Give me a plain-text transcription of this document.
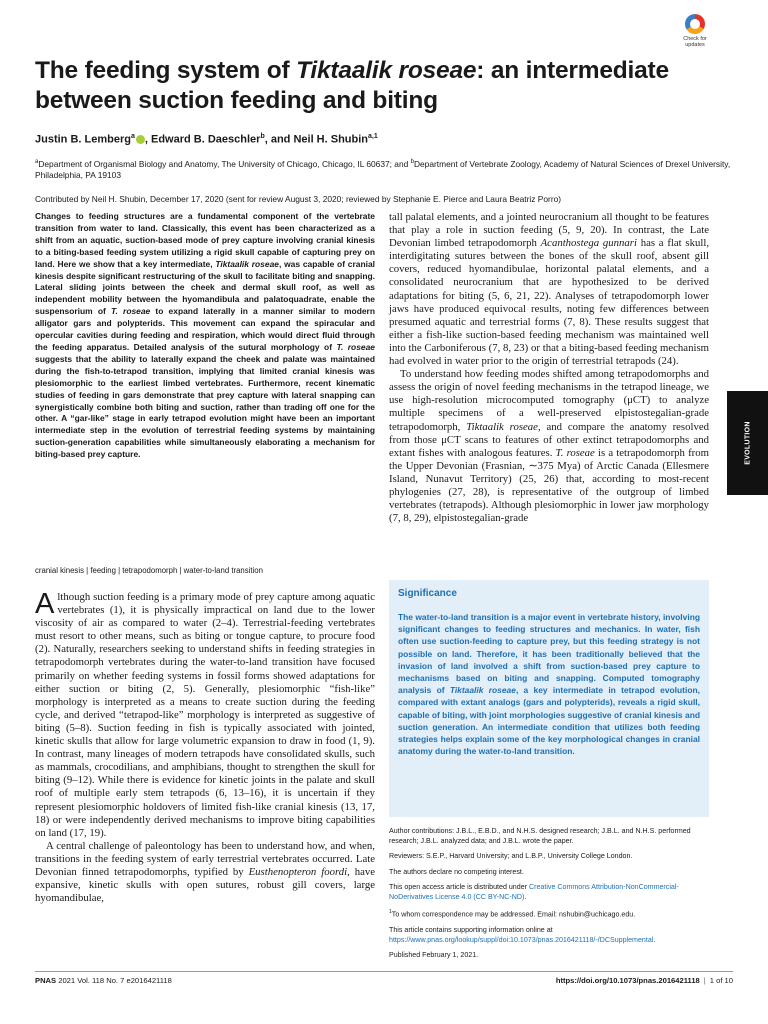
Check for
updates
The feeding system of Tiktaalik roseae: an intermediate between suction feeding and biting
Justin B. Lemberg$^a$ , Edward B. Daeschler$^b$, and Neil H. Shubin$^{a,1}$
$^a$Department of Organismal Biology and Anatomy, The University of Chicago, Chicago, IL 60637; and $^b$Department of Vertebrate Zoology, Academy of Natural Sciences of Drexel University, Philadelphia, PA 19103
Contributed by Neil H. Shubin, December 17, 2020 (sent for review August 3, 2020; reviewed by Stephanie E. Pierce and Laura Beatriz Porro)
Changes to feeding structures are a fundamental component of the vertebrate transition from water to land. Classically, this event has been characterized as a shift from an aquatic, suction-based mode of prey capture involving cranial kinesis to a biting-based feeding system utilizing a rigid skull capable of capturing prey on land. Here we show that a key intermediate, Tiktaalik roseae, was capable of cranial kinesis despite significant restructuring of the skull to facilitate biting and snapping. Lateral sliding joints between the cheek and dermal skull roof, as well as independent mobility between the hyomandibula and palatoquadrate, enable the suspensorium of T. roseae to expand laterally in a manner similar to modern alligator gars and polypterids. This movement can expand the spiracular and opercular cavities during feeding and respiration, which would direct fluid through the feeding apparatus. Detailed analysis of the sutural morphology of T. roseae suggests that the ability to laterally expand the cheek and palate was maintained during the fish-to-tetrapod transition, implying that limited cranial kinesis was plesiomorphic to the earliest limbed vertebrates. Furthermore, recent kinematic studies of feeding in gars demonstrate that prey capture with lateral snapping can synergistically combine both biting and suction, rather than trading off one for the other. A “gar-like” stage in early tetrapod evolution might have been an important intermediate step in the evolution of terrestrial feeding systems by maintaining suction-generation capabilities while simultaneously elaborating a mechanism for biting-based prey capture.
cranial kinesis | feeding | tetrapodomorph | water-to-land transition

Although suction feeding is a primary mode of prey capture among aquatic vertebrates (1), it is physically impractical on land due to the lower viscosity of air as compared to water (2–4). Terrestrial-feeding vertebrates must resort to other means, such as biting or tongue capture, to procure food (2). Naturally, researchers seeking to understand shifts in feeding strategies in tetrapodomorph vertebrates during the water-to-land transition have focused primarily on whether feeding systems in fossil forms showed adaptations for either suction or biting (2, 5). Generally, plesiomorphic “fish-like” morphology is interpreted as a means to create suction during the feeding cycle, and derived “tetrapod-like” morphology is interpreted as suggestive of biting (5–8). Suction feeding in fish is typically associated with jointed, kinetic skulls that allow for large volumetric expansion to draw in food (1, 9). In contrast, many lineages of modern tetrapods have consolidated skulls, such as mammals, crocodilians, and amphibians, thought to strengthen the skull for biting (9–12). While there is evidence for kinetic joints in the palate and skull roof of multiple early stem tetrapods (6, 13–16), it is uncertain if they represent plesiomorphic holdovers of limited fish-like cranial kinesis (13, 17, 18) or were independently derived mechanisms to improve biting capabilities on land (17, 19).

A central challenge of paleontology has been to understand how, and when, transitions in the feeding system of early terrestrial vertebrates occurred. Late Devonian finned tetrapodomorphs, typified by Eusthenopteron foordi, have expansive, kinetic skulls with open sutures, robust gill covers, large hyomandibulae,

tall palatal elements, and a jointed neurocranium all thought to be features that play a role in suction feeding (5, 9, 20). In contrast, the Late Devonian limbed tetrapodomorph Acanthostega gunnari has a flat skull, interdigitating sutures between the bones of the skull roof, absent gill covers, reduced hyomandibulae, horizontal palatal elements, and a consolidated neurocranium that are hypothesized to be derived adaptations for biting (5, 6, 21, 22). Analyses of tetrapodomorph lower jaws have produced equivocal results, noting few differences between presumed aquatic and terrestrial forms (7, 8). These results suggest that either a fish-like suction-based feeding mechanism was maintained well into the Carboniferous (7, 8, 23) or that a biting-based feeding mechanism had evolved in water prior to the origin of terrestrial tetrapods (24).

To understand how feeding modes shifted among tetrapodomorphs and assess the origin of novel feeding mechanisms in the tetrapod lineage, we use high-resolution microcomputed tomography (μCT) to analyze multiple specimens of a well-preserved elpistostegalian-grade tetrapodomorph, Tiktaalik roseae, and compare the anatomy resolved from those μCT scans to features of other extinct tetrapodomorphs and extant fishes with analogous features. T. roseae is a tetrapodomorph from the Upper Devonian (Frasnian, ∼375 Mya) of Arctic Canada (Ellesmere Island, Nunavut Territory) (25, 26) that, according to most-recent phylogenies (27, 28), is representative of the outgroup of limbed vertebrates (tetrapods). Although plesiomorphic in lower jaw morphology (7, 8, 29), elpistostegalian-grade

EVOLUTION
Significance
The water-to-land transition is a major event in vertebrate history, involving significant changes to feeding structures and mechanics. In water, fish often use suction-feeding to capture prey, but this feeding strategy is not possible on land. Therefore, it has been traditionally believed that the invasion of land involved a shift from suction-based prey capture to mechanisms based on biting and snapping. Computed tomography analysis of Tiktaalik roseae, a key intermediate in tetrapod evolution, compared with extant analogs (gars and polypterids), reveals a rigid skull, capable of biting, with joint morphologies suggestive of cranial kinesis and suction generation. An intermediate condition that utilizes both feeding strategies helps explain some of the key morphological changes in cranial anatomy during the water-to-land transition.

Author contributions: J.B.L., E.B.D., and N.H.S. designed research; J.B.L. and N.H.S. performed research; J.B.L. analyzed data; and J.B.L. wrote the paper.

Reviewers: S.E.P., Harvard University; and L.B.P., University College London.

The authors declare no competing interest.

This open access article is distributed under Creative Commons Attribution-NonCommercial-NoDerivatives License 4.0 (CC BY-NC-ND).

$^1$To whom correspondence may be addressed. Email: nshubin@uchicago.edu.

This article contains supporting information online at https://www.pnas.org/lookup/suppl/doi:10.1073/pnas.2016421118/-/DCSupplemental.

Published February 1, 2021.

PNAS 2021 Vol. 118 No. 7 e2016421118	https://doi.org/10.1073/pnas.2016421118 | 1 of 10
